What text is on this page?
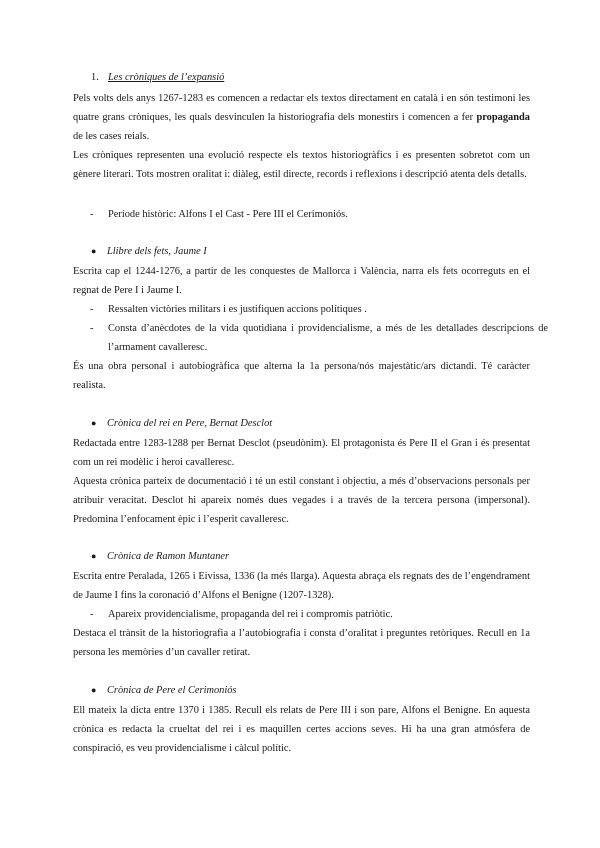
1. Les cròniques de l’expansió
Pels volts dels anys 1267-1283 es comencen a redactar els textos directament en català i en són testimoni les quatre grans cròniques, les quals desvinculen la historiografia dels monestirs i comencen a fer propaganda de les cases reials.
Les cròniques representen una evolució respecte els textos historiogràfics i es presenten sobretot com un gènere literari. Tots mostren oralitat i: diàleg, estil directe, records i reflexions i descripció atenta dels detalls.
- Període històric: Alfons I el Cast - Pere III el Cerimoniós.
● Llibre dels fets, Jaume I
Escrita cap el 1244-1276, a partir de les conquestes de Mallorca i València, narra els fets ocorreguts en el regnat de Pere I i Jaume I.
- Ressalten victòries militars i es justifiquen accions polítiques .
- Consta d’anècdotes de la vida quotidiana i providencialisme, a més de les detallades descripcions de l’armament cavalleresc.
És una obra personal i autobiogràfica que alterna la 1a persona/nós majestàtic/ars dictandi. Té caràcter realista.
● Crònica del rei en Pere, Bernat Desclot
Redactada entre 1283-1288 per Bernat Desclot (pseudònim). El protagonista és Pere II el Gran i és presentat com un rei modèlic i heroi cavalleresc.
Aquesta crònica parteix de documentació i té un estil constant i objectiu, a més d’observacions personals per atribuir veracitat. Desclot hi apareix només dues vegades i a través de la tercera persona (impersonal). Predomina l’enfocament èpic i l’esperit cavalleresc.
● Crònica de Ramon Muntaner
Escrita entre Peralada, 1265 i Eivissa, 1336 (la més llarga). Aquesta abraça els regnats des de l’engendrament de Jaume I fins la coronació d’Alfons el Benigne (1207-1328).
- Apareix providencialisme, propaganda del rei i compromís patriòtic.
Destaca el trànsit de la historiografia a l’autobiografia i consta d’oralitat i preguntes retòriques. Recull en 1a persona les memòries d’un cavaller retirat.
● Crònica de Pere el Cerimoniós
Ell mateix la dicta entre 1370 i 1385. Recull els relats de Pere III i son pare, Alfons el Benigne. En aquesta crònica es redacta la crueltat del rei i es maquillen certes accions seves. Hi ha una gran atmósfera de conspiració, es veu providencialisme i càlcul polític.
